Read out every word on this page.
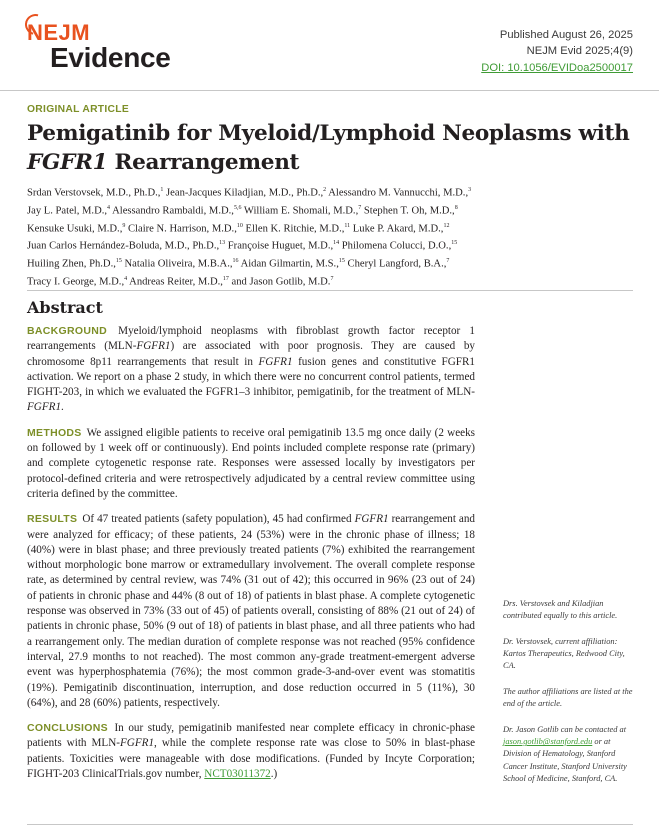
NEJM
Evidence
Published August 26, 2025
NEJM Evid 2025;4(9)
DOI: 10.1056/EVIDoa2500017
ORIGINAL ARTICLE
Pemigatinib for Myeloid/Lymphoid Neoplasms with FGFR1 Rearrangement
Srdan Verstovsek, M.D., Ph.D.,$^1$ Jean-Jacques Kiladjian, M.D., Ph.D.,$^2$ Alessandro M. Vannucchi, M.D.,$^3$
Jay L. Patel, M.D.,$^4$ Alessandro Rambaldi, M.D.,$^{5,6}$ William E. Shomali, M.D.,$^7$ Stephen T. Oh, M.D.,$^8$
Kensuke Usuki, M.D.,$^9$ Claire N. Harrison, M.D.,$^{10}$ Ellen K. Ritchie, M.D.,$^{11}$ Luke P. Akard, M.D.,$^{12}$
Juan Carlos Hernández-Boluda, M.D., Ph.D.,$^{13}$ Françoise Huguet, M.D.,$^{14}$ Philomena Colucci, D.O.,$^{15}$
Huiling Zhen, Ph.D.,$^{15}$ Natalia Oliveira, M.B.A.,$^{16}$ Aidan Gilmartin, M.S.,$^{15}$ Cheryl Langford, B.A.,$^7$
Tracy I. George, M.D.,$^4$ Andreas Reiter, M.D.,$^{17}$ and Jason Gotlib, M.D.$^7$
Abstract

BACKGROUND Myeloid/lymphoid neoplasms with fibroblast growth factor receptor 1 rearrangements (MLN-FGFR1) are associated with poor prognosis. They are caused by chromosome 8p11 rearrangements that result in FGFR1 fusion genes and constitutive FGFR1 activation. We report on a phase 2 study, in which there were no concurrent control patients, termed FIGHT-203, in which we evaluated the FGFR1–3 inhibitor, pemigatinib, for the treatment of MLN-FGFR1.

METHODS We assigned eligible patients to receive oral pemigatinib 13.5 mg once daily (2 weeks on followed by 1 week off or continuously). End points included complete response rate (primary) and complete cytogenetic response rate. Responses were assessed locally by investigators per protocol-defined criteria and were retrospectively adjudicated by a central review committee using criteria defined by the committee.

RESULTS Of 47 treated patients (safety population), 45 had confirmed FGFR1 rearrangement and were analyzed for efficacy; of these patients, 24 (53%) were in the chronic phase of illness; 18 (40%) were in blast phase; and three previously treated patients (7%) exhibited the rearrangement without morphologic bone marrow or extramedullary involvement. The overall complete response rate, as determined by central review, was 74% (31 out of 42); this occurred in 96% (23 out of 24) of patients in chronic phase and 44% (8 out of 18) of patients in blast phase. A complete cytogenetic response was observed in 73% (33 out of 45) of patients overall, consisting of 88% (21 out of 24) of patients in chronic phase, 50% (9 out of 18) of patients in blast phase, and all three patients who had a rearrangement only. The median duration of complete response was not reached (95% confidence interval, 27.9 months to not reached). The most common any-grade treatment-emergent adverse event was hyperphosphatemia (76%); the most common grade-3-and-over event was stomatitis (19%). Pemigatinib discontinuation, interruption, and dose reduction occurred in 5 (11%), 30 (64%), and 28 (60%) patients, respectively.

CONCLUSIONS In our study, pemigatinib manifested near complete efficacy in chronic-phase patients with MLN-FGFR1, while the complete response rate was close to 50% in blast-phase patients. Toxicities were manageable with dose modifications. (Funded by Incyte Corporation; FIGHT-203 ClinicalTrials.gov number, NCT03011372.)

Drs. Verstovsek and Kiladjian contributed equally to this article.

Dr. Verstovsek, current affiliation: Kartos Therapeutics, Redwood City, CA.

The author affiliations are listed at the end of the article.

Dr. Jason Gotlib can be contacted at jason.gotlib@stanford.edu or at Division of Hematology, Stanford Cancer Institute, Stanford University School of Medicine, Stanford, CA.
